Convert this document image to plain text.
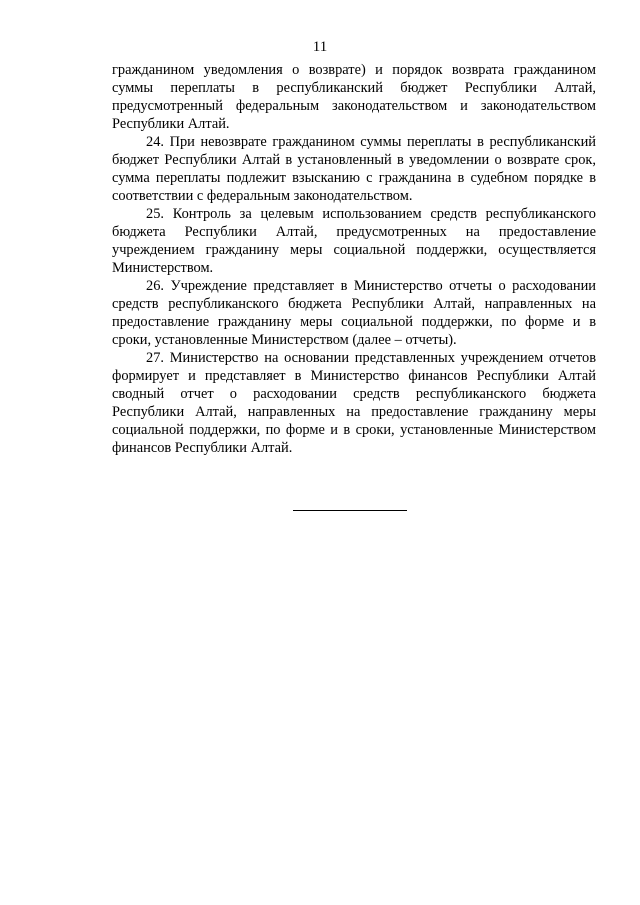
11

гражданином уведомления о возврате) и порядок возврата гражданином суммы переплаты в республиканский бюджет Республики Алтай, предусмотренный федеральным законодательством и законодательством Республики Алтай.

24. При невозврате гражданином суммы переплаты в республиканский бюджет Республики Алтай в установленный в уведомлении о возврате срок, сумма переплаты подлежит взысканию с гражданина в судебном порядке в соответствии с федеральным законодательством.

25. Контроль за целевым использованием средств республиканского бюджета Республики Алтай, предусмотренных на предоставление учреждением гражданину меры социальной поддержки, осуществляется Министерством.

26. Учреждение представляет в Министерство отчеты о расходовании средств республиканского бюджета Республики Алтай, направленных на предоставление гражданину меры социальной поддержки, по форме и в сроки, установленные Министерством (далее – отчеты).

27. Министерство на основании представленных учреждением отчетов формирует и представляет в Министерство финансов Республики Алтай сводный отчет о расходовании средств республиканского бюджета Республики Алтай, направленных на предоставление гражданину меры социальной поддержки, по форме и в сроки, установленные Министерством финансов Республики Алтай.
